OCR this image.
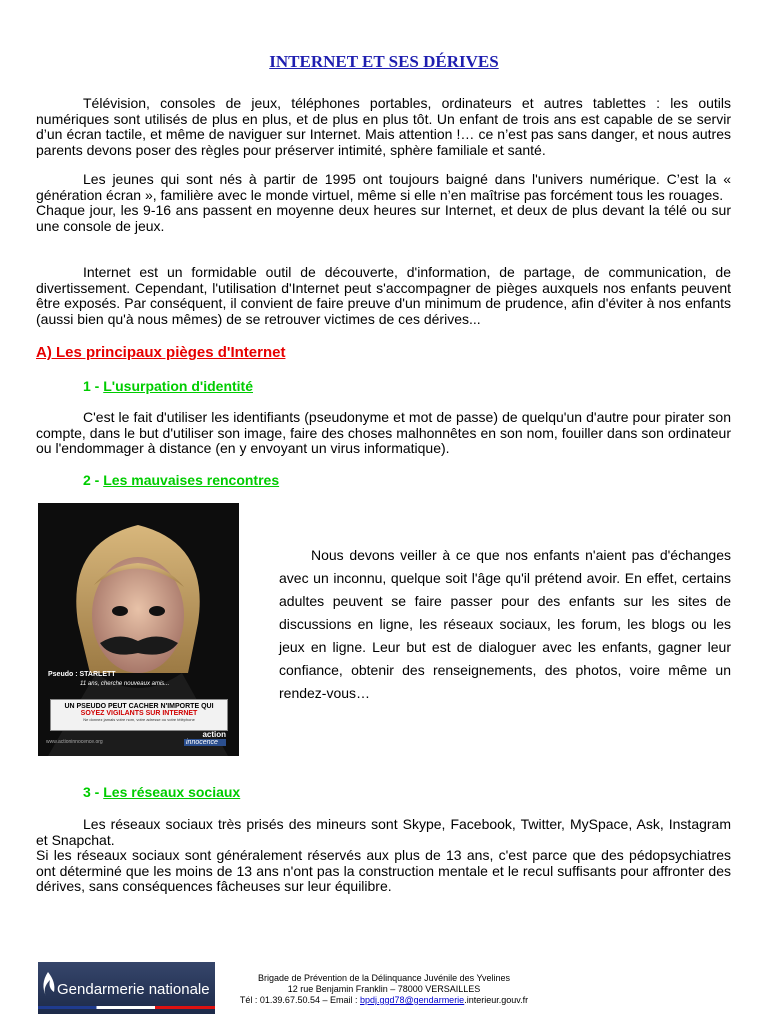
INTERNET ET SES DÉRIVES

Télévision, consoles de jeux, téléphones portables, ordinateurs et autres tablettes : les outils numériques sont utilisés de plus en plus, et de plus en plus tôt. Un enfant de trois ans est capable de se servir d’un écran tactile, et même de naviguer sur Internet. Mais attention !… ce n’est pas sans danger, et nous autres parents devons poser des règles pour préserver intimité, sphère familiale et santé.

Les jeunes qui sont nés à partir de 1995 ont toujours baigné dans l'univers numérique. C’est la « génération écran », familière avec le monde virtuel, même si elle n’en maîtrise pas forcément tous les rouages.

Chaque jour, les 9-16 ans passent en moyenne deux heures sur Internet, et deux de plus devant la télé ou sur une console de jeux.

Internet est un formidable outil de découverte, d'information, de partage, de communication, de divertissement. Cependant, l'utilisation d'Internet peut s'accompagner de pièges auxquels nos enfants peuvent être exposés. Par conséquent, il convient de faire preuve d'un minimum de prudence, afin d'éviter à nos enfants (aussi bien qu'à nous mêmes) de se retrouver victimes de ces dérives...

A) Les principaux pièges d'Internet
1 - L'usurpation d'identité

C'est le fait d'utiliser les identifiants (pseudonyme et mot de passe) de quelqu'un d'autre pour pirater son compte, dans le but d'utiliser son image, faire des choses malhonnêtes en son nom, fouiller dans son ordinateur ou l'endommager à distance (en y envoyant un virus informatique).

2 - Les mauvaises rencontres
Pseudo : STARLETT
11 ans, cherche nouveaux amis...
UN PSEUDO PEUT CACHER N'IMPORTE QUI
SOYEZ VIGILANTS SUR INTERNET
Ne donnez jamais votre nom, votre adresse ou votre téléphone
www.actioninnocence.org
action
innocence

Nous devons veiller à ce que nos enfants n'aient pas d'échanges avec un inconnu, quelque soit l'âge qu'il prétend avoir. En effet, certains adultes peuvent se faire passer pour des enfants sur les sites de discussions en ligne, les réseaux sociaux, les forum, les blogs ou les jeux en ligne. Leur but est de dialoguer avec les enfants, gagner leur confiance, obtenir des renseignements, des photos, voire même un rendez-vous…

3 - Les réseaux sociaux

Les réseaux sociaux très prisés des mineurs sont Skype, Facebook, Twitter, MySpace, Ask, Instagram et Snapchat.

Si les réseaux sociaux sont généralement réservés aux plus de 13 ans, c'est parce que des pédopsychiatres ont déterminé que les moins de 13 ans n'ont pas la construction mentale et le recul suffisants pour affronter des dérives, sans conséquences fâcheuses sur leur équilibre.

Gendarmerie nationale
Brigade de Prévention de la Délinquance Juvénile des Yvelines
12 rue Benjamin Franklin – 78000 VERSAILLES
Tél : 01.39.67.50.54 – Email : bpdj.ggd78@gendarmerie.interieur.gouv.fr
